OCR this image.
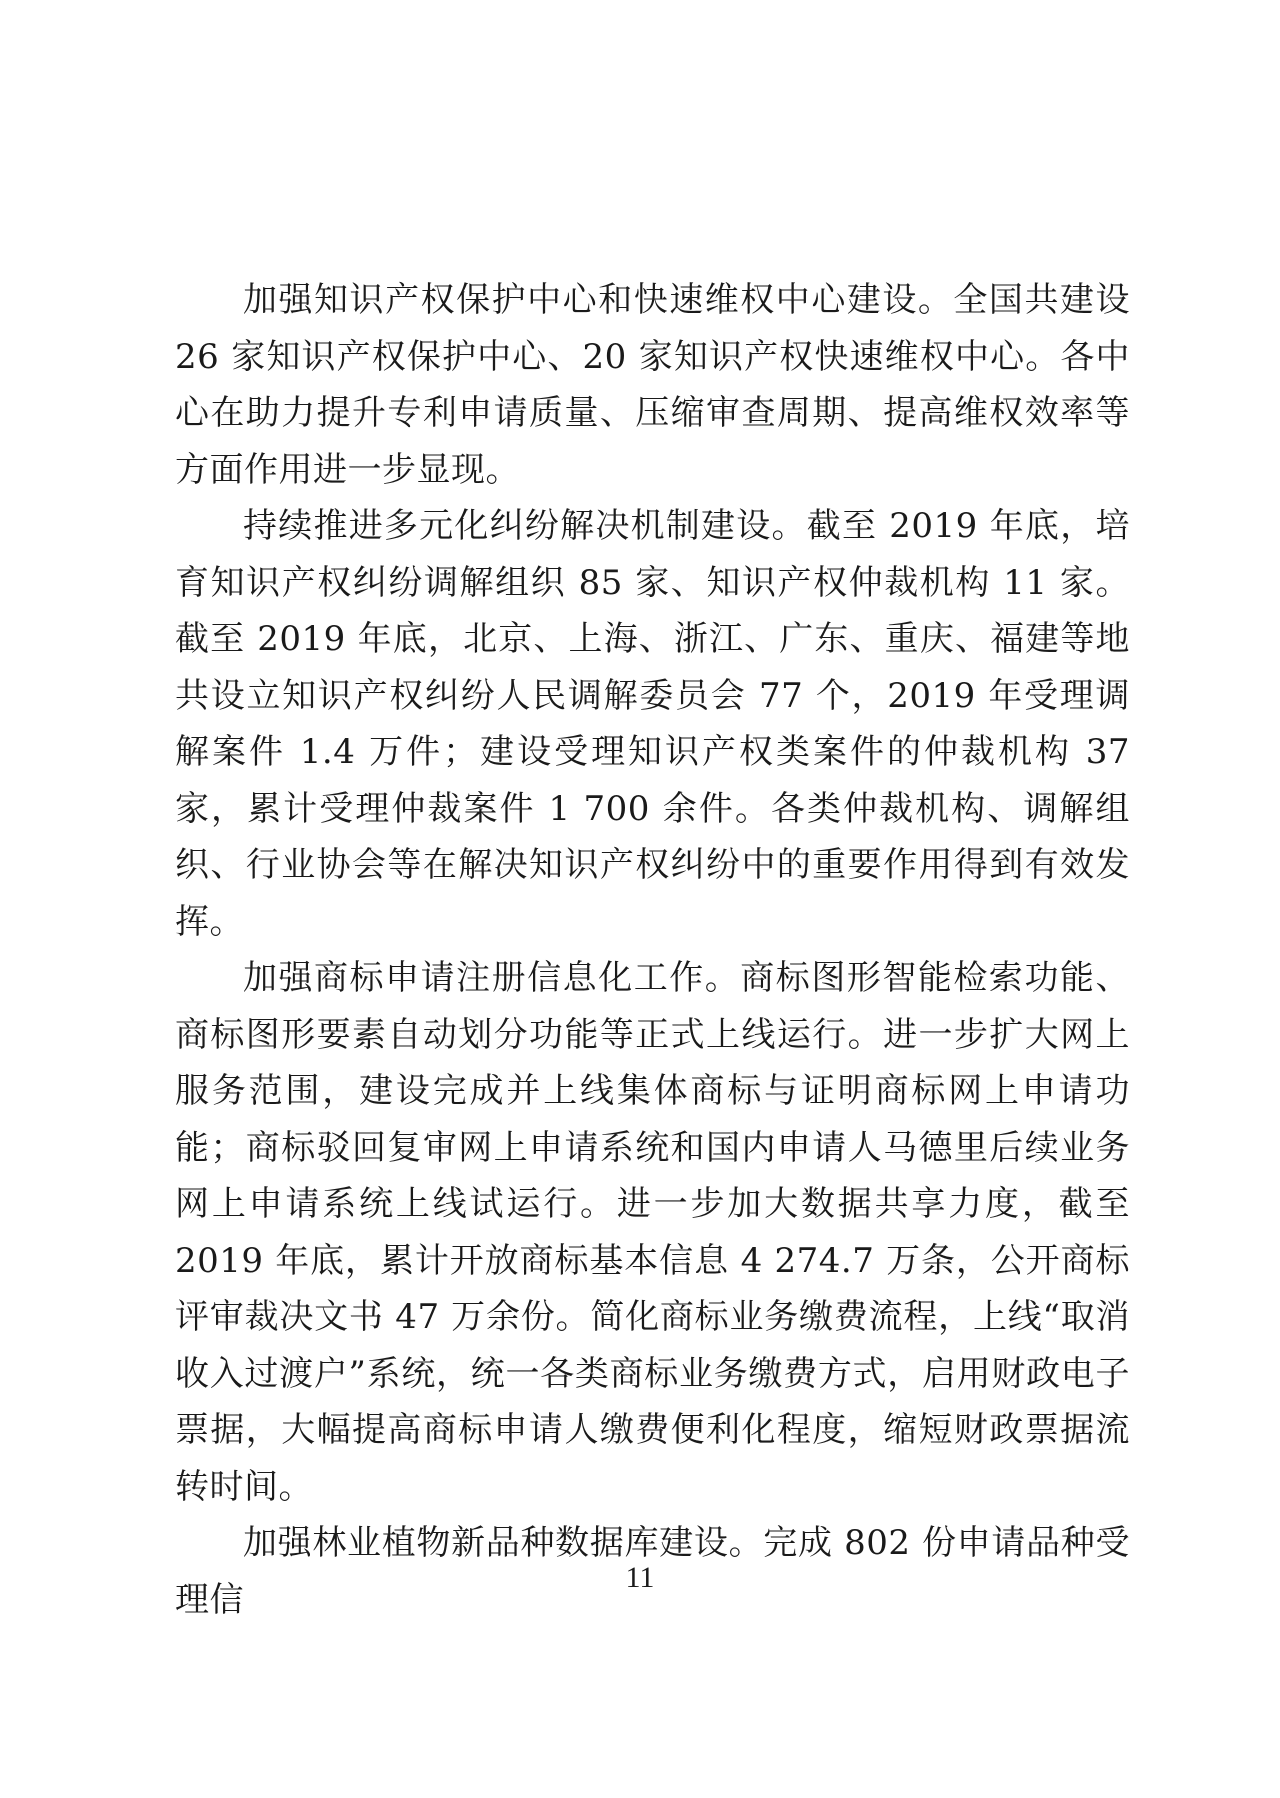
加强知识产权保护中心和快速维权中心建设。全国共建设 26 家知识产权保护中心、20 家知识产权快速维权中心。各中心在助力提升专利申请质量、压缩审查周期、提高维权效率等方面作用进一步显现。

持续推进多元化纠纷解决机制建设。截至 2019 年底，培育知识产权纠纷调解组织 85 家、知识产权仲裁机构 11 家。截至 2019 年底，北京、上海、浙江、广东、重庆、福建等地共设立知识产权纠纷人民调解委员会 77 个，2019 年受理调解案件 1.4 万件；建设受理知识产权类案件的仲裁机构 37 家，累计受理仲裁案件 1 700 余件。各类仲裁机构、调解组织、行业协会等在解决知识产权纠纷中的重要作用得到有效发挥。

加强商标申请注册信息化工作。商标图形智能检索功能、商标图形要素自动划分功能等正式上线运行。进一步扩大网上服务范围，建设完成并上线集体商标与证明商标网上申请功能；商标驳回复审网上申请系统和国内申请人马德里后续业务网上申请系统上线试运行。进一步加大数据共享力度，截至 2019 年底，累计开放商标基本信息 4 274.7 万条，公开商标评审裁决文书 47 万余份。简化商标业务缴费流程，上线“取消收入过渡户”系统，统一各类商标业务缴费方式，启用财政电子票据，大幅提高商标申请人缴费便利化程度，缩短财政票据流转时间。

加强林业植物新品种数据库建设。完成 802 份申请品种受理信

11
